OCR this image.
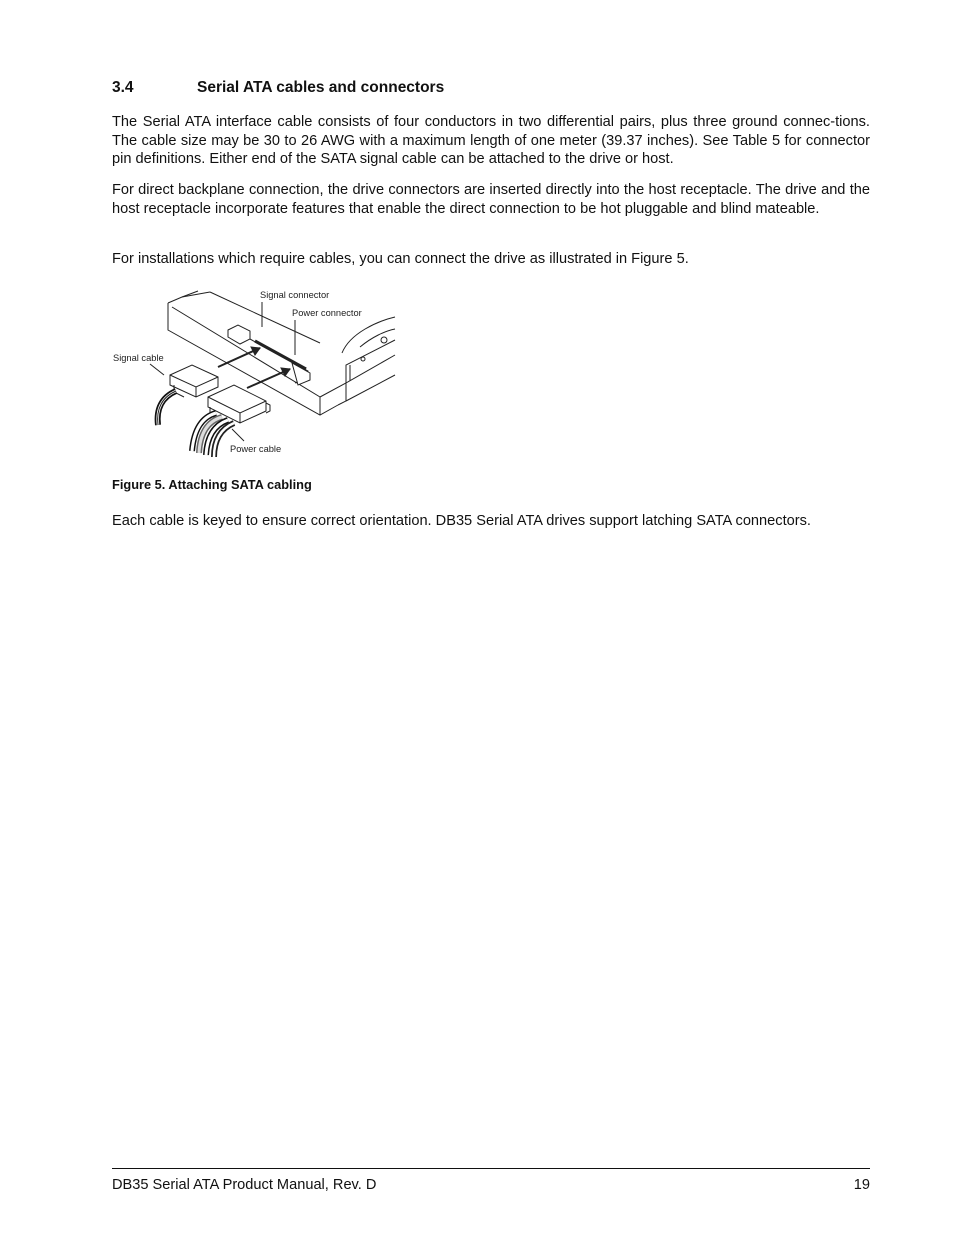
3.4	Serial ATA cables and connectors

The Serial ATA interface cable consists of four conductors in two differential pairs, plus three ground connec-tions. The cable size may be 30 to 26 AWG with a maximum length of one meter (39.37 inches). See Table 5 for connector pin definitions. Either end of the SATA signal cable can be attached to the drive or host.

For direct backplane connection, the drive connectors are inserted directly into the host receptacle. The drive and the host receptacle incorporate features that enable the direct connection to be hot pluggable and blind mateable.

For installations which require cables, you can connect the drive as illustrated in Figure 5.

Signal connector
Power connector
Signal cable
Power cable

Figure 5. Attaching SATA cabling

Each cable is keyed to ensure correct orientation. DB35 Serial ATA drives support latching SATA connectors.

DB35 Serial ATA Product Manual, Rev. D	19
